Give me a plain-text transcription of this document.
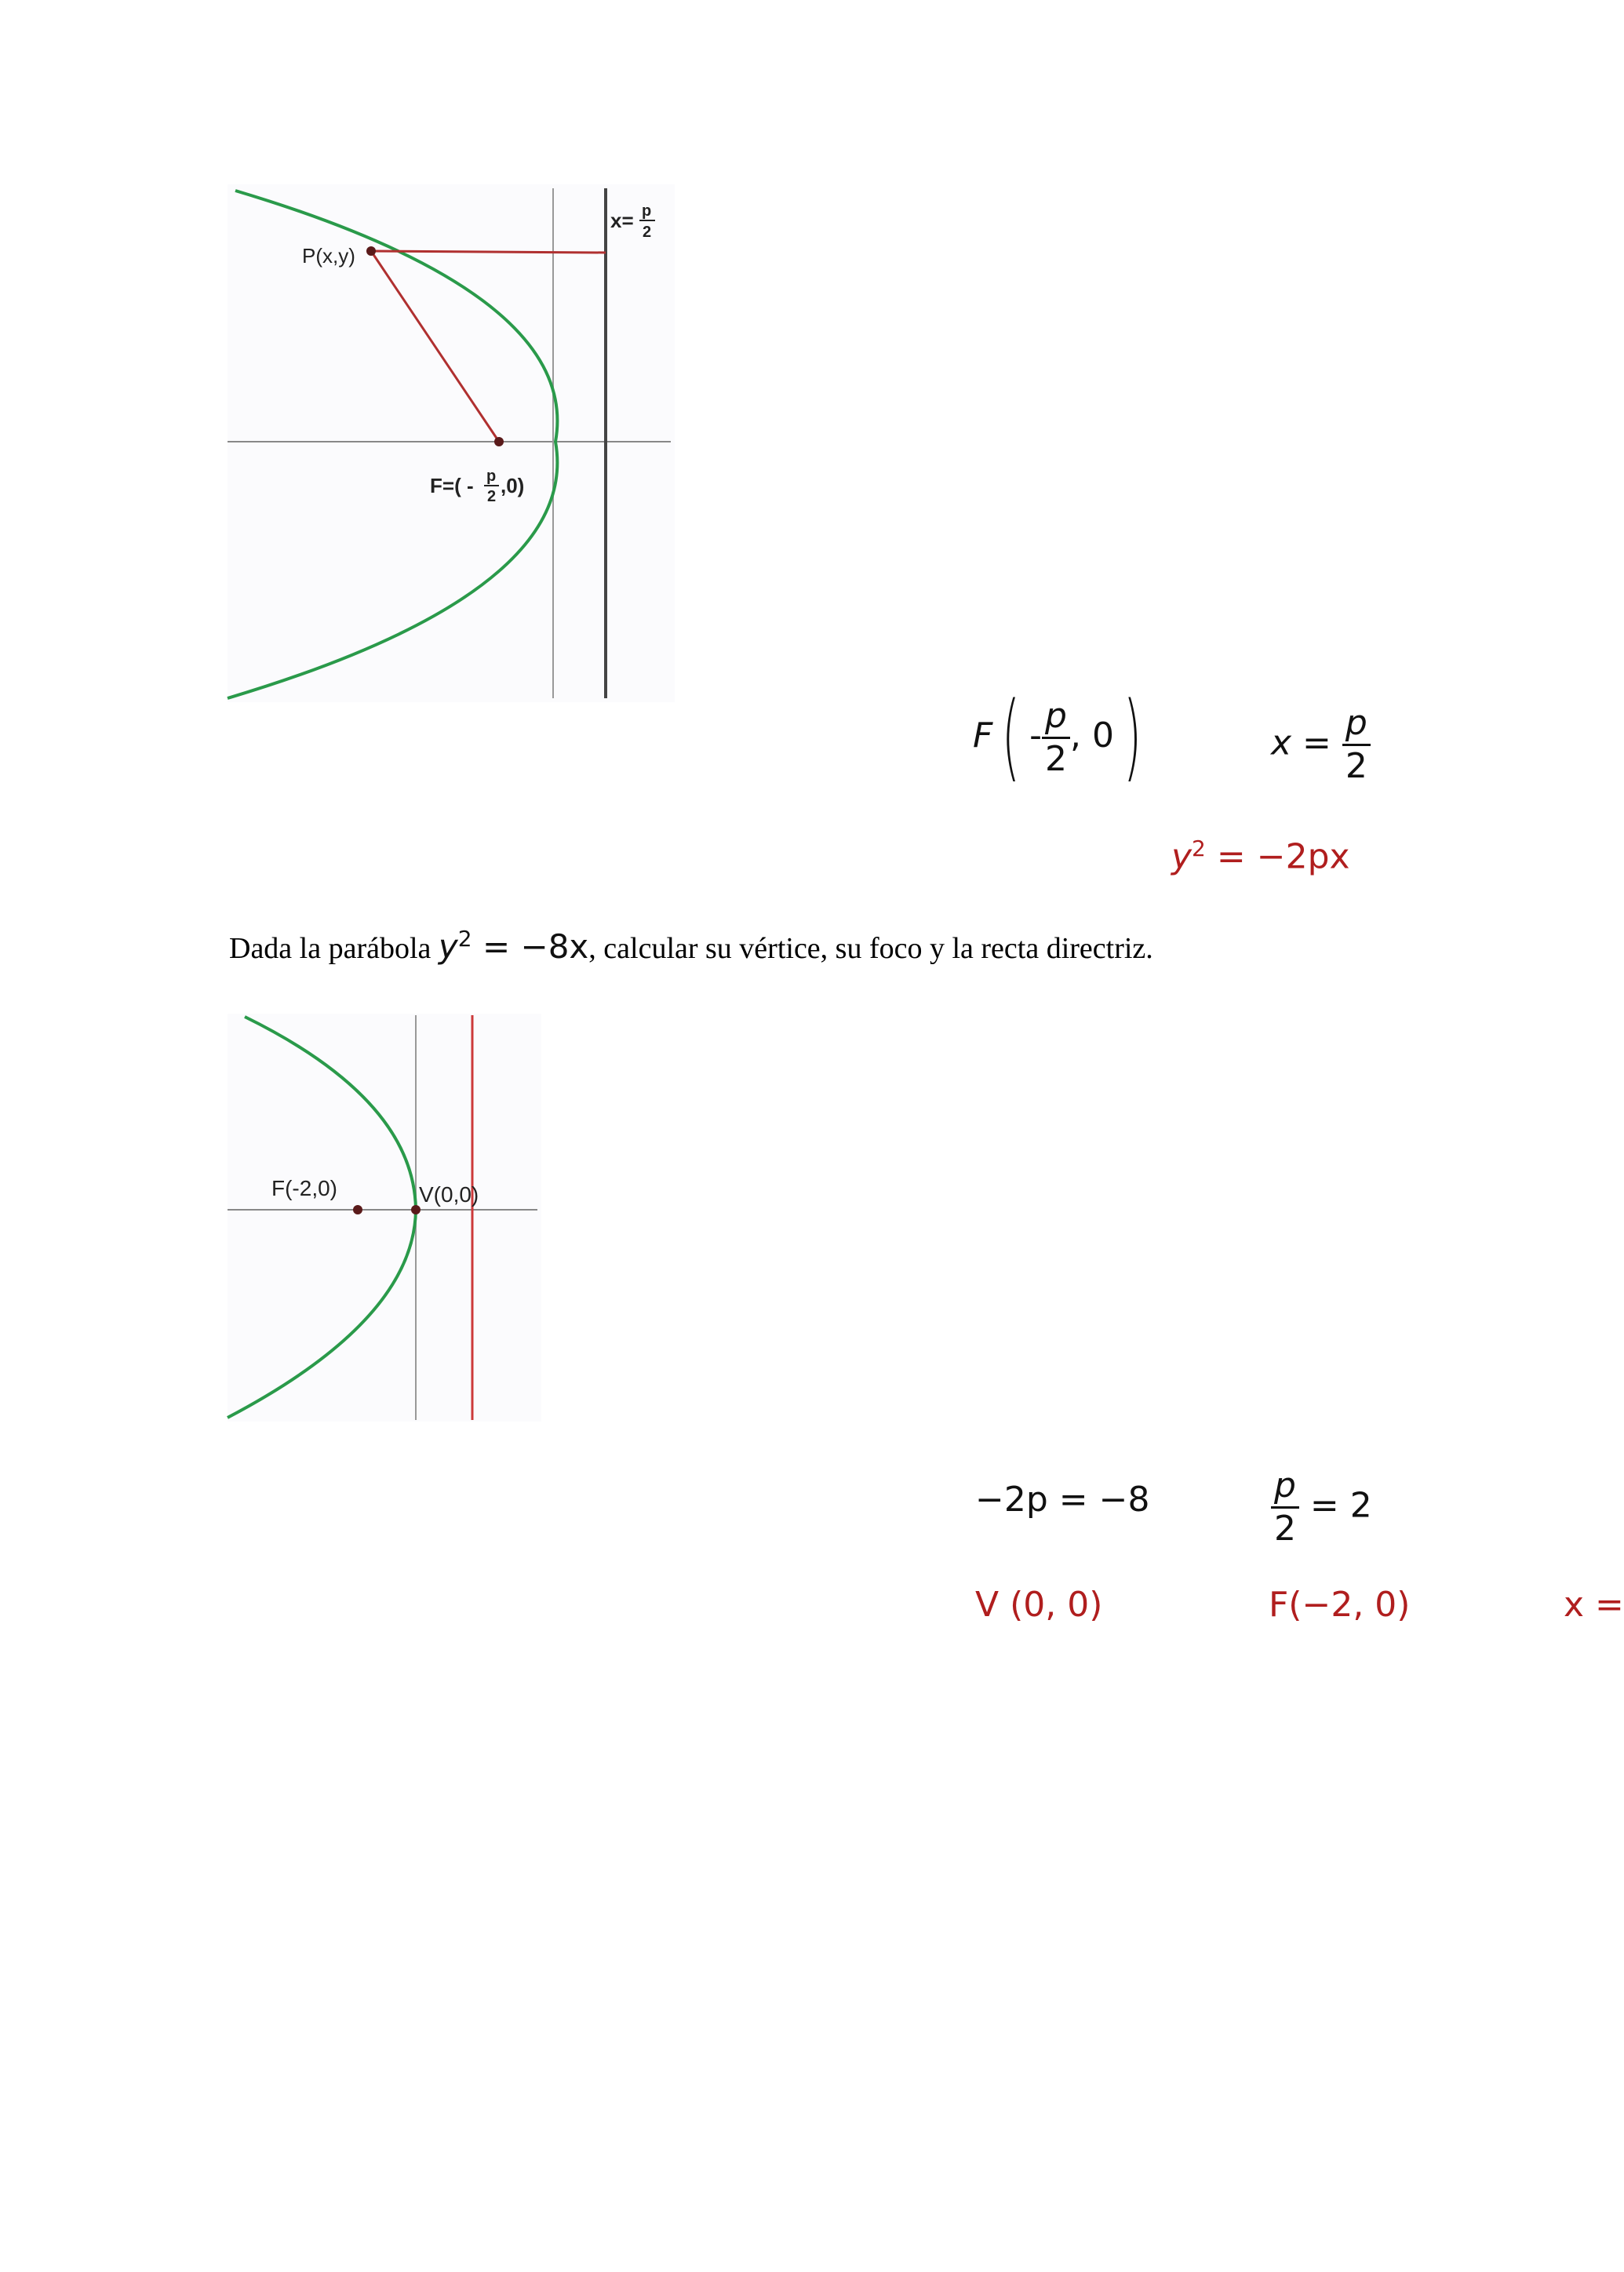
P(x,y)
x= p
2
F=( - p
2 ,0)
$F( - \frac{p}{2}$ , 0)	$x = \frac{p}{2}$
$y^2 = -2px$
Dada la parábola $y^2 = -8x$, calcular su vértice, su foco y la recta directriz.
F(-2,0)	V(0,0)
−2p = −8	$\frac{p}{2} = 2$
V (0, 0)	F(−2, 0)	x =
